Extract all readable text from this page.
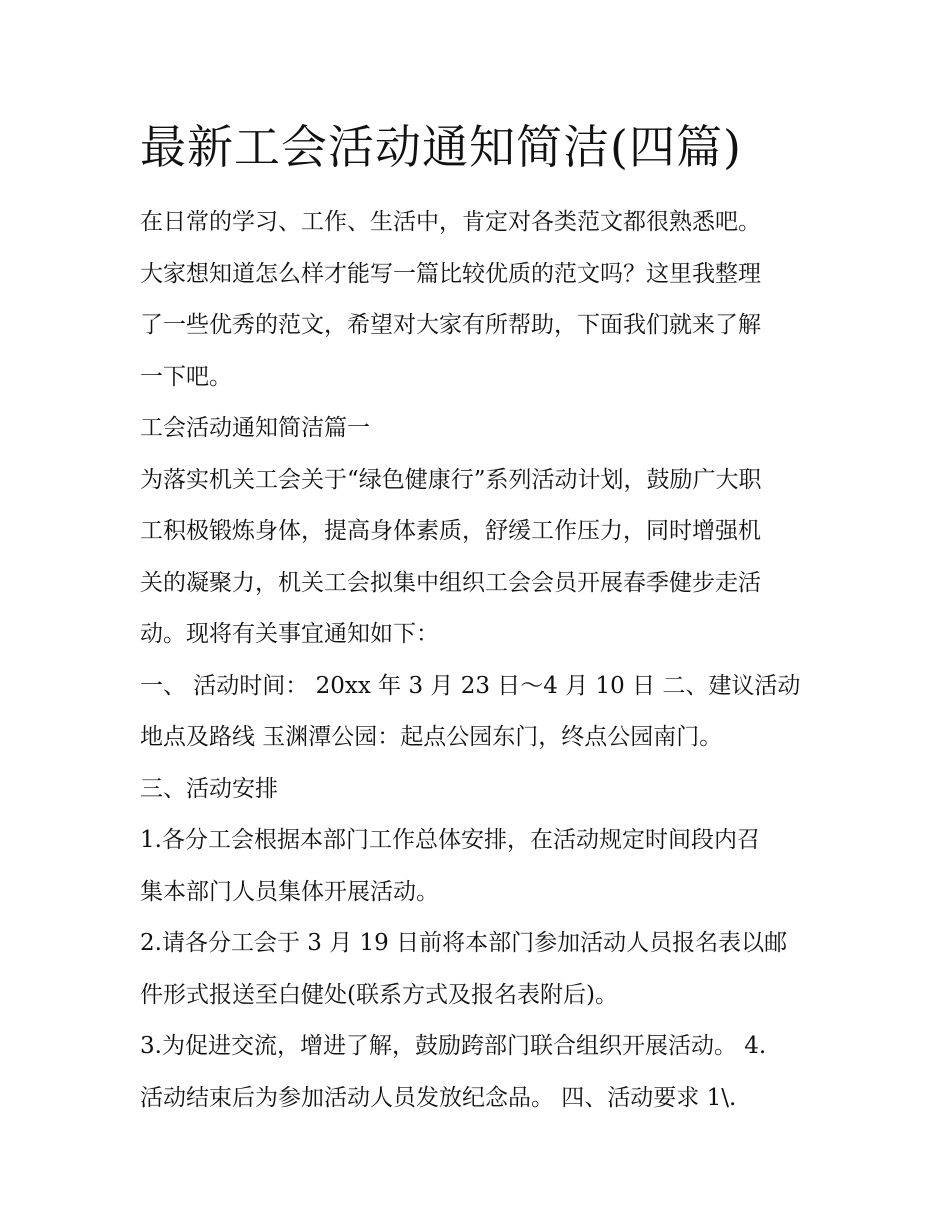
最新工会活动通知简洁(四篇)

在日常的学习、工作、生活中，肯定对各类范文都很熟悉吧。

大家想知道怎么样才能写一篇比较优质的范文吗？这里我整理

了一些优秀的范文，希望对大家有所帮助，下面我们就来了解

一下吧。

工会活动通知简洁篇一

为落实机关工会关于“绿色健康行”系列活动计划，鼓励广大职

工积极锻炼身体，提高身体素质，舒缓工作压力，同时增强机

关的凝聚力，机关工会拟集中组织工会会员开展春季健步走活

动。现将有关事宜通知如下：

一、 活动时间： 20xx 年 3 月 23 日～4 月 10 日 二、建议活动

地点及路线 玉渊潭公园：起点公园东门，终点公园南门。

三、活动安排

1.各分工会根据本部门工作总体安排，在活动规定时间段内召

集本部门人员集体开展活动。

2.请各分工会于 3 月 19 日前将本部门参加活动人员报名表以邮

件形式报送至白健处(联系方式及报名表附后)。

3.为促进交流，增进了解，鼓励跨部门联合组织开展活动。 4.

活动结束后为参加活动人员发放纪念品。 四、活动要求 1\.
